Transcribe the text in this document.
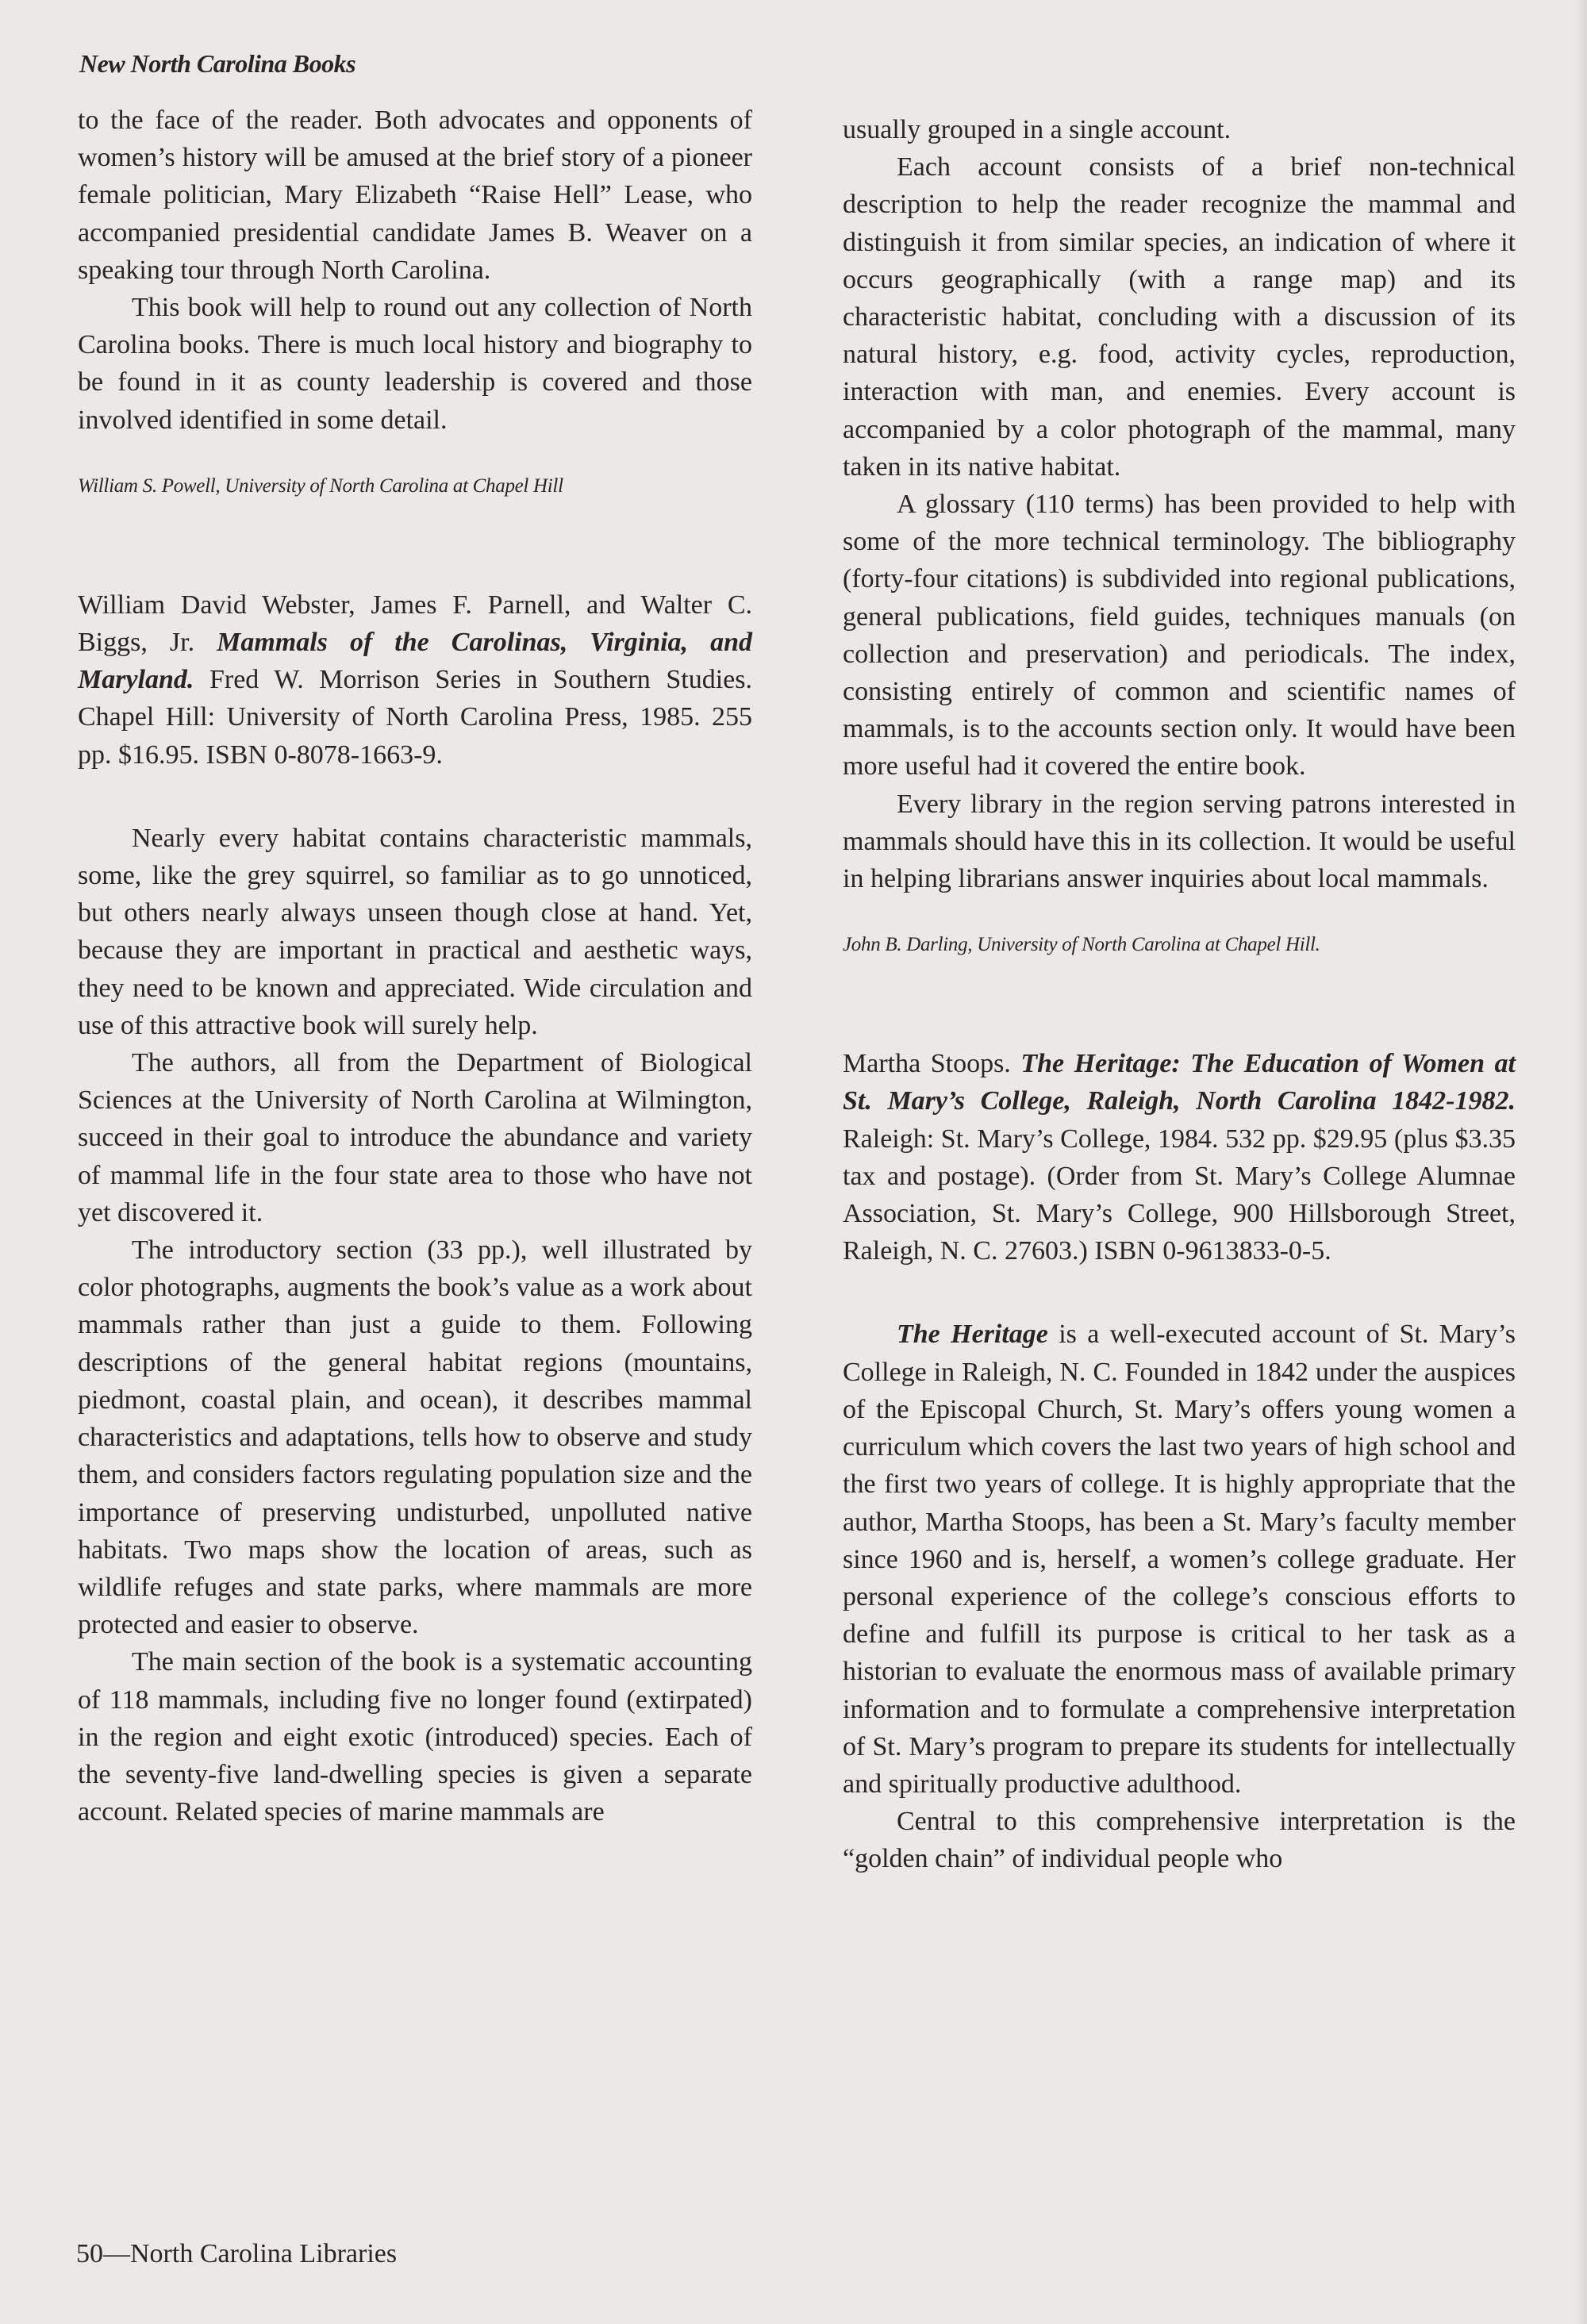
New North Carolina Books

to the face of the reader. Both advocates and opponents of women’s history will be amused at the brief story of a pioneer female politician, Mary Elizabeth “Raise Hell” Lease, who accompanied presidential candidate James B. Weaver on a speaking tour through North Carolina.

This book will help to round out any collection of North Carolina books. There is much local history and biography to be found in it as county leadership is covered and those involved identified in some detail.

William S. Powell, University of North Carolina at Chapel Hill

William David Webster, James F. Parnell, and Walter C. Biggs, Jr. Mammals of the Carolinas, Virginia, and Maryland. Fred W. Morrison Series in Southern Studies. Chapel Hill: University of North Carolina Press, 1985. 255 pp. $16.95. ISBN 0-8078-1663-9.

Nearly every habitat contains characteristic mammals, some, like the grey squirrel, so familiar as to go unnoticed, but others nearly always unseen though close at hand. Yet, because they are important in practical and aesthetic ways, they need to be known and appreciated. Wide circulation and use of this attractive book will surely help.

The authors, all from the Department of Biological Sciences at the University of North Carolina at Wilmington, succeed in their goal to introduce the abundance and variety of mammal life in the four state area to those who have not yet discovered it.

The introductory section (33 pp.), well illustrated by color photographs, augments the book’s value as a work about mammals rather than just a guide to them. Following descriptions of the general habitat regions (mountains, piedmont, coastal plain, and ocean), it describes mammal characteristics and adaptations, tells how to observe and study them, and considers factors regulating population size and the importance of preserving undisturbed, unpolluted native habitats. Two maps show the location of areas, such as wildlife refuges and state parks, where mammals are more protected and easier to observe.

The main section of the book is a systematic accounting of 118 mammals, including five no longer found (extirpated) in the region and eight exotic (introduced) species. Each of the seventy-five land-dwelling species is given a separate account. Related species of marine mammals are

usually grouped in a single account.

Each account consists of a brief non-technical description to help the reader recognize the mammal and distinguish it from similar species, an indication of where it occurs geographically (with a range map) and its characteristic habitat, concluding with a discussion of its natural history, e.g. food, activity cycles, reproduction, interaction with man, and enemies. Every account is accompanied by a color photograph of the mammal, many taken in its native habitat.

A glossary (110 terms) has been provided to help with some of the more technical terminology. The bibliography (forty-four citations) is subdivided into regional publications, general publications, field guides, techniques manuals (on collection and preservation) and periodicals. The index, consisting entirely of common and scientific names of mammals, is to the accounts section only. It would have been more useful had it covered the entire book.

Every library in the region serving patrons interested in mammals should have this in its collection. It would be useful in helping librarians answer inquiries about local mammals.

John B. Darling, University of North Carolina at Chapel Hill.

Martha Stoops. The Heritage: The Education of Women at St. Mary’s College, Raleigh, North Carolina 1842-1982. Raleigh: St. Mary’s College, 1984. 532 pp. $29.95 (plus $3.35 tax and postage). (Order from St. Mary’s College Alumnae Association, St. Mary’s College, 900 Hillsborough Street, Raleigh, N. C. 27603.) ISBN 0-9613833-0-5.

The Heritage is a well-executed account of St. Mary’s College in Raleigh, N. C. Founded in 1842 under the auspices of the Episcopal Church, St. Mary’s offers young women a curriculum which covers the last two years of high school and the first two years of college. It is highly appropriate that the author, Martha Stoops, has been a St. Mary’s faculty member since 1960 and is, herself, a women’s college graduate. Her personal experience of the college’s conscious efforts to define and fulfill its purpose is critical to her task as a historian to evaluate the enormous mass of available primary information and to formulate a comprehensive interpretation of St. Mary’s program to prepare its students for intellectually and spiritually productive adulthood.

Central to this comprehensive interpretation is the “golden chain” of individual people who

50—North Carolina Libraries
